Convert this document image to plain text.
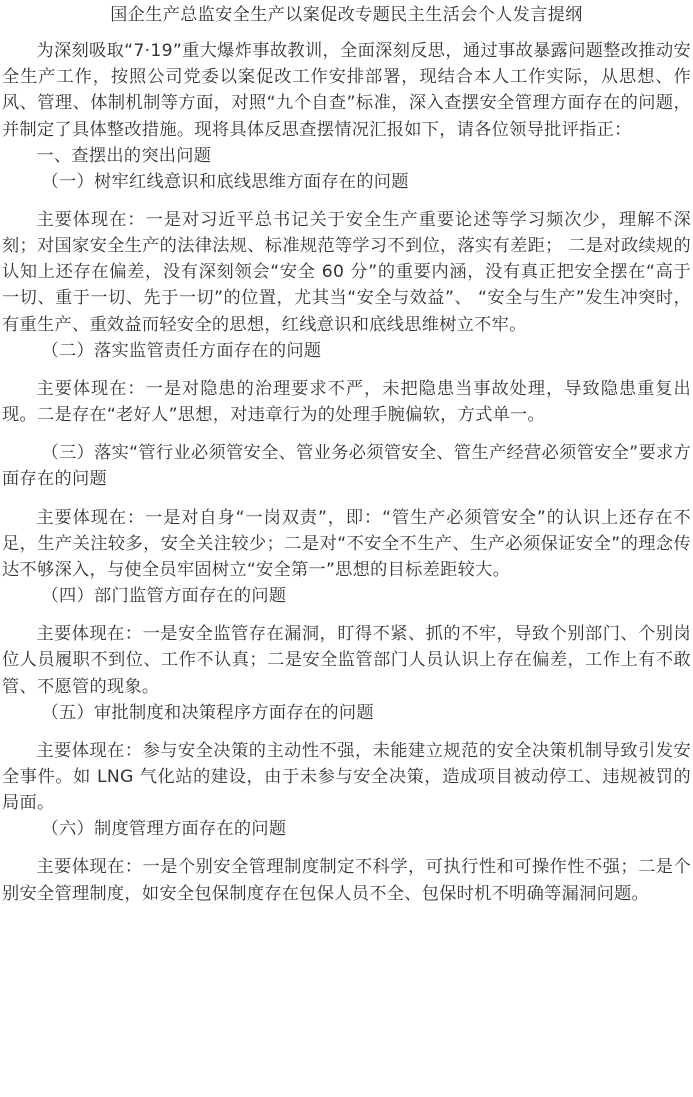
国企生产总监安全生产以案促改专题民主生活会个人发言提纲

为深刻吸取“7·19”重大爆炸事故教训，全面深刻反思，通过事故暴露问题整改推动安全生产工作，按照公司党委以案促改工作安排部署，现结合本人工作实际，从思想、作风、管理、体制机制等方面，对照“九个自查”标准，深入查摆安全管理方面存在的问题，并制定了具体整改措施。现将具体反思查摆情况汇报如下，请各位领导批评指正：

一、查摆出的突出问题

（一）树牢红线意识和底线思维方面存在的问题

主要体现在：一是对习近平总书记关于安全生产重要论述等学习频次少，理解不深刻；对国家安全生产的法律法规、标准规范等学习不到位，落实有差距； 二是对政续规的认知上还存在偏差，没有深刻领会“安全 60 分”的重要内涵，没有真正把安全摆在“高于一切、重于一切、先于一切”的位置，尤其当“安全与效益”、 “安全与生产”发生冲突时，有重生产、重效益而轻安全的思想，红线意识和底线思维树立不牢。

（二）落实监管责任方面存在的问题

主要体现在：一是对隐患的治理要求不严，未把隐患当事故处理，导致隐患重复出现。二是存在“老好人”思想，对违章行为的处理手腕偏软，方式单一。

（三）落实“管行业必须管安全、管业务必须管安全、管生产经营必须管安全”要求方面存在的问题

主要体现在：一是对自身“一岗双责”，即：“管生产必须管安全”的认识上还存在不足，生产关注较多，安全关注较少；二是对“不安全不生产、生产必须保证安全”的理念传达不够深入，与使全员牢固树立“安全第一”思想的目标差距较大。

（四）部门监管方面存在的问题

主要体现在：一是安全监管存在漏洞，盯得不紧、抓的不牢，导致个别部门、个别岗位人员履职不到位、工作不认真；二是安全监管部门人员认识上存在偏差，工作上有不敢管、不愿管的现象。

（五）审批制度和决策程序方面存在的问题

主要体现在：参与安全决策的主动性不强，未能建立规范的安全决策机制导致引发安全事件。如 LNG 气化站的建设，由于未参与安全决策，造成项目被动停工、违规被罚的局面。

（六）制度管理方面存在的问题

主要体现在：一是个别安全管理制度制定不科学，可执行性和可操作性不强；二是个别安全管理制度，如安全包保制度存在包保人员不全、包保时机不明确等漏洞问题。
